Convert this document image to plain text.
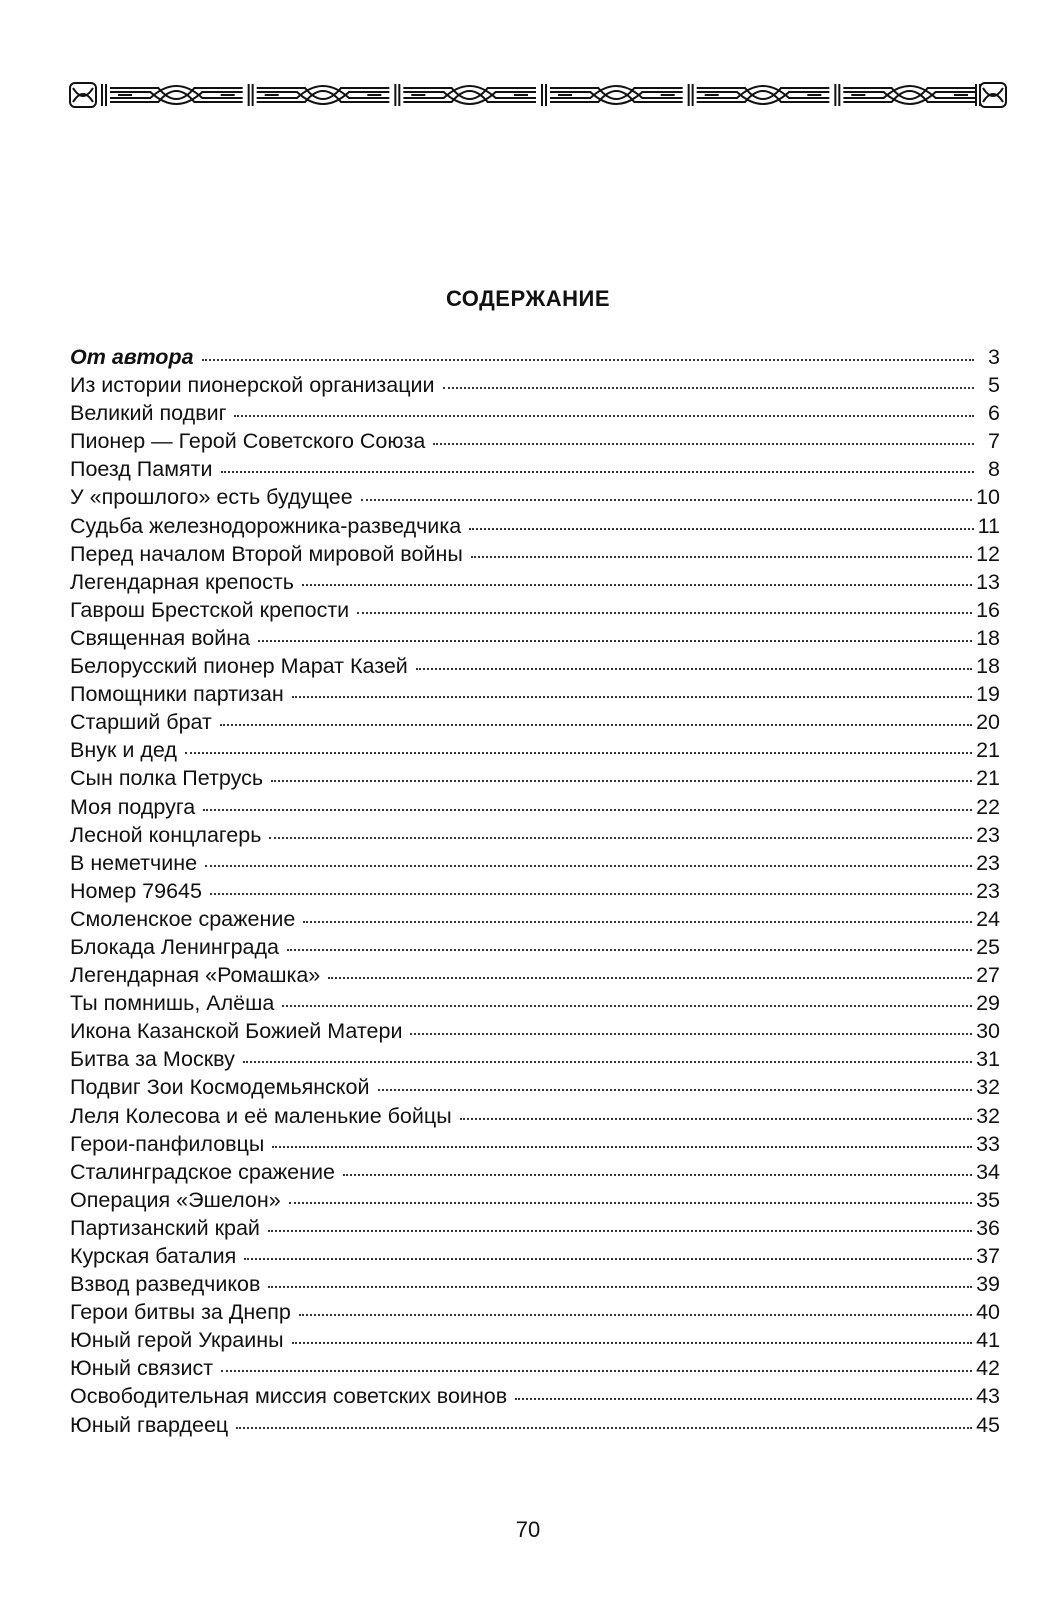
СОДЕРЖАНИЕ
От автора	3
Из истории пионерской организации	5
Великий подвиг	6
Пионер — Герой Советского Союза	7
Поезд Памяти	8
У «прошлого» есть будущее	10
Судьба железнодорожника-разведчика	11
Перед началом Второй мировой войны	12
Легендарная крепость	13
Гаврош Брестской крепости	16
Священная война	18
Белорусский пионер Марат Казей	18
Помощники партизан	19
Старший брат	20
Внук и дед	21
Сын полка Петрусь	21
Моя подруга	22
Лесной концлагерь	23
В неметчине	23
Номер 79645	23
Смоленское сражение	24
Блокада Ленинграда	25
Легендарная «Ромашка»	27
Ты помнишь, Алёша	29
Икона Казанской Божией Матери	30
Битва за Москву	31
Подвиг Зои Космодемьянской	32
Леля Колесова и её маленькие бойцы	32
Герои-панфиловцы	33
Сталинградское сражение	34
Операция «Эшелон»	35
Партизанский край	36
Курская баталия	37
Взвод разведчиков	39
Герои битвы за Днепр	40
Юный герой Украины	41
Юный связист	42
Освободительная миссия советских воинов	43
Юный гвардеец	45
70
